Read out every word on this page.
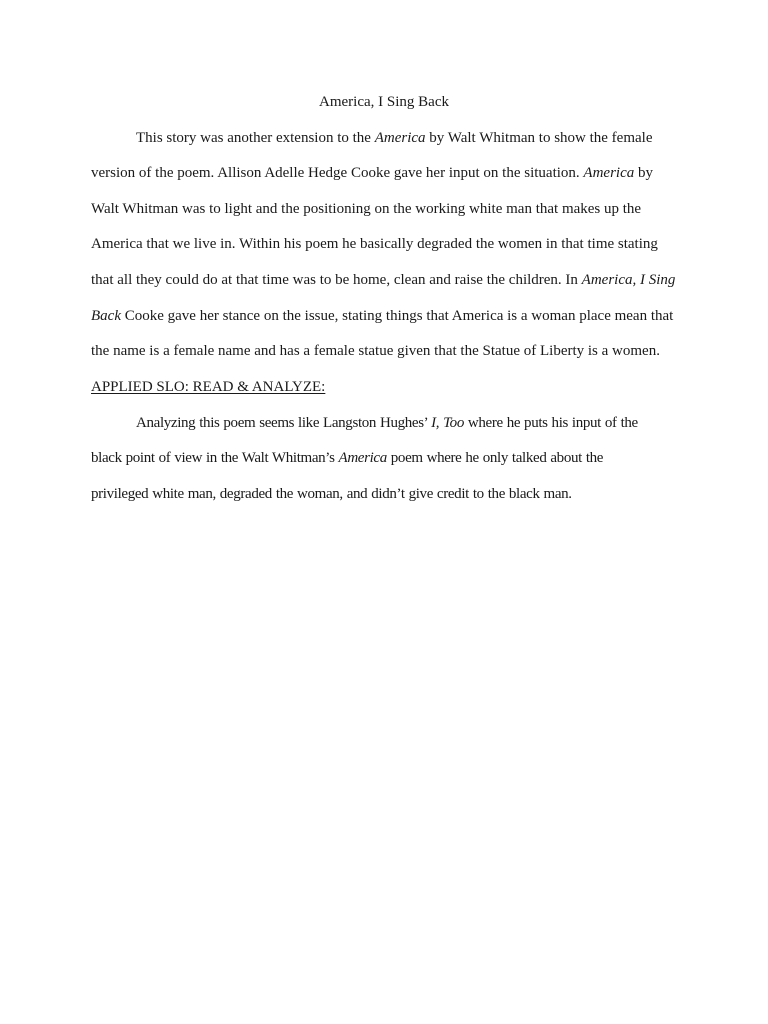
America, I Sing Back
This story was another extension to the America by Walt Whitman to show the female
version of the poem. Allison Adelle Hedge Cooke gave her input on the situation. America by
Walt Whitman was to light and the positioning on the working white man that makes up the
America that we live in. Within his poem he basically degraded the women in that time stating
that all they could do at that time was to be home, clean and raise the children. In America, I Sing
Back Cooke gave her stance on the issue, stating things that America is a woman place mean that
the name is a female name and has a female statue given that the Statue of Liberty is a women.
APPLIED SLO: READ & ANALYZE:
Analyzing this poem seems like Langston Hughes’ I, Too where he puts his input of the
black point of view in the Walt Whitman’s America poem where he only talked about the
privileged white man, degraded the woman, and didn’t give credit to the black man.
